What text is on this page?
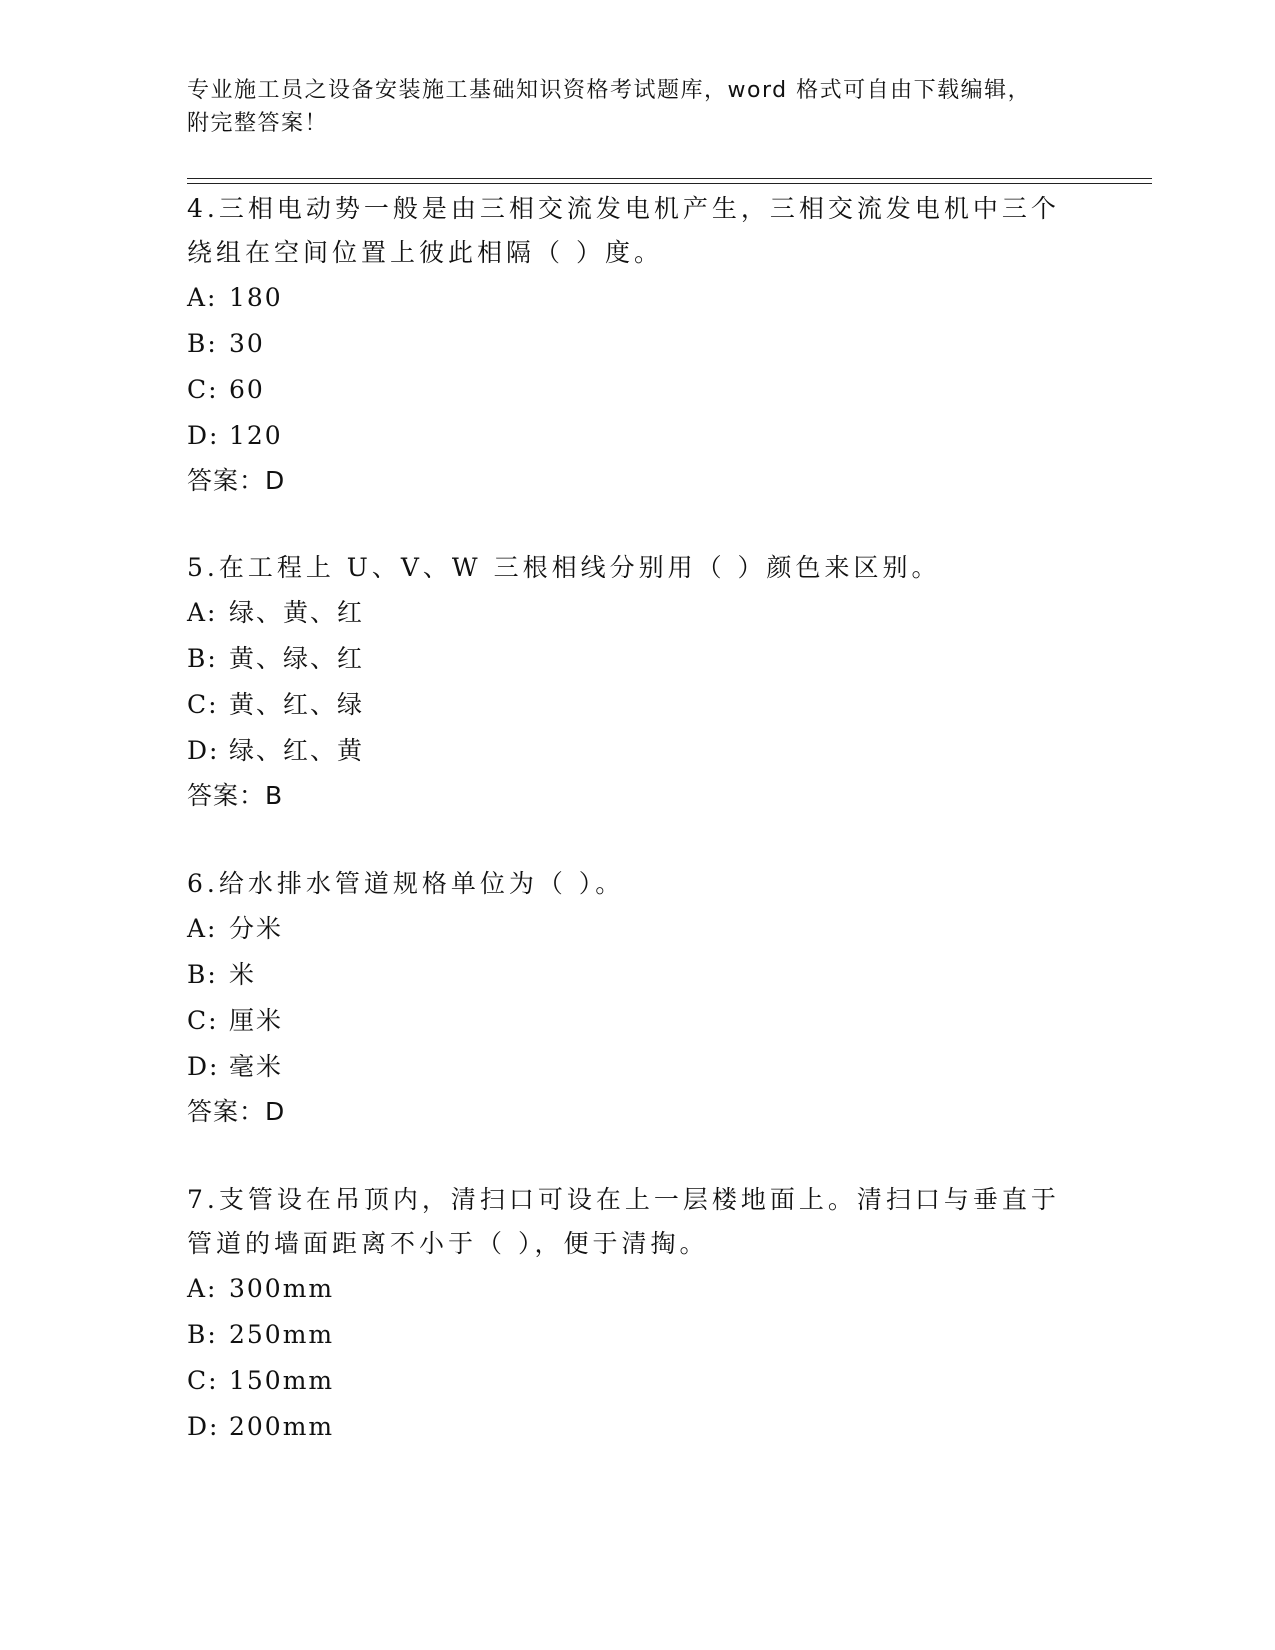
专业施工员之设备安装施工基础知识资格考试题库，word 格式可自由下载编辑，
附完整答案！

4.三相电动势一般是由三相交流发电机产生，三相交流发电机中三个

绕组在空间位置上彼此相隔（ ）度。

A: 180

B: 30

C: 60

D: 120

答案：D

5.在工程上 U、V、W 三根相线分别用（ ）颜色来区别。

A: 绿、黄、红

B: 黄、绿、红

C: 黄、红、绿

D: 绿、红、黄

答案：B

6.给水排水管道规格单位为（ ）。

A: 分米

B: 米

C: 厘米

D: 毫米

答案：D

7.支管设在吊顶内，清扫口可设在上一层楼地面上。清扫口与垂直于

管道的墙面距离不小于（ ），便于清掏。

A: 300mm

B: 250mm

C: 150mm

D: 200mm
